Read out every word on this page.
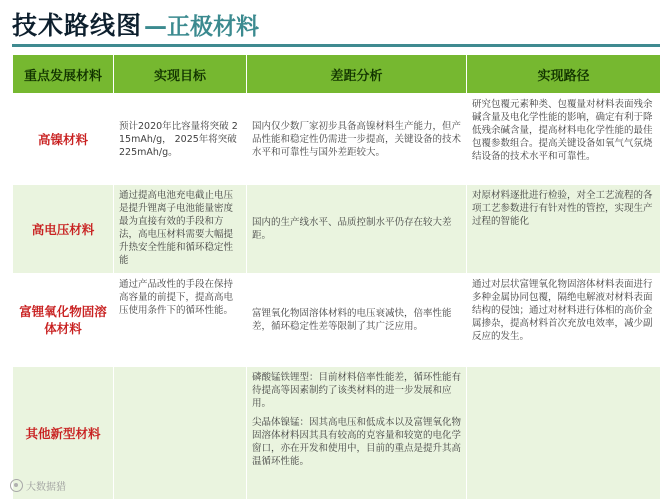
技术路线图 —正极材料
重点发展材料	实现目标	差距分析	实现路径
高镍材料	预计2020年比容量将突破 215mAh/g， 2025年将突破225mAh/g。	国内仅少数厂家初步具备高镍材料生产能力，但产品性能和稳定性仍需进一步提高，关键设备的技术水平和可靠性与国外差距较大。	研究包覆元素种类、包覆量对材料表面残余碱含量及电化学性能的影响，确定有利于降低残余碱含量，提高材料电化学性能的最佳包覆参数组合。提高关键设备如氧气气氛烧结设备的技术水平和可靠性。
高电压材料	通过提高电池充电截止电压是提升锂离子电池能量密度最为直接有效的手段和方法，高电压材料需要大幅提升热安全性能和循环稳定性能	国内的生产线水平、品质控制水平仍存在较大差距。	对原材料逐批进行检验，对全工艺流程的各项工艺参数进行有针对性的管控，实现生产过程的智能化
富锂氧化物固溶体材料	通过产品改性的手段在保持高容量的前提下，提高高电压使用条件下的循环性能。	富锂氧化物固溶体材料的电压衰减快，倍率性能差，循环稳定性差等限制了其广泛应用。	通过对层状富锂氧化物固溶体材料表面进行多种金属协同包覆，隔绝电解液对材料表面结构的侵蚀；通过对材料进行体相的高价金属掺杂，提高材料首次充放电效率，减少副反应的发生。
其他新型材料		磷酸锰铁锂型：目前材料倍率性能差，循环性能有待提高等因素制约了该类材料的进一步发展和应用。

尖晶体镍锰：因其高电压和低成本以及富锂氧化物固溶体材料因其具有较高的克容量和较宽的电化学窗口，亦在开发和使用中，目前的重点是提升其高温循环性能。	

大数据猎
